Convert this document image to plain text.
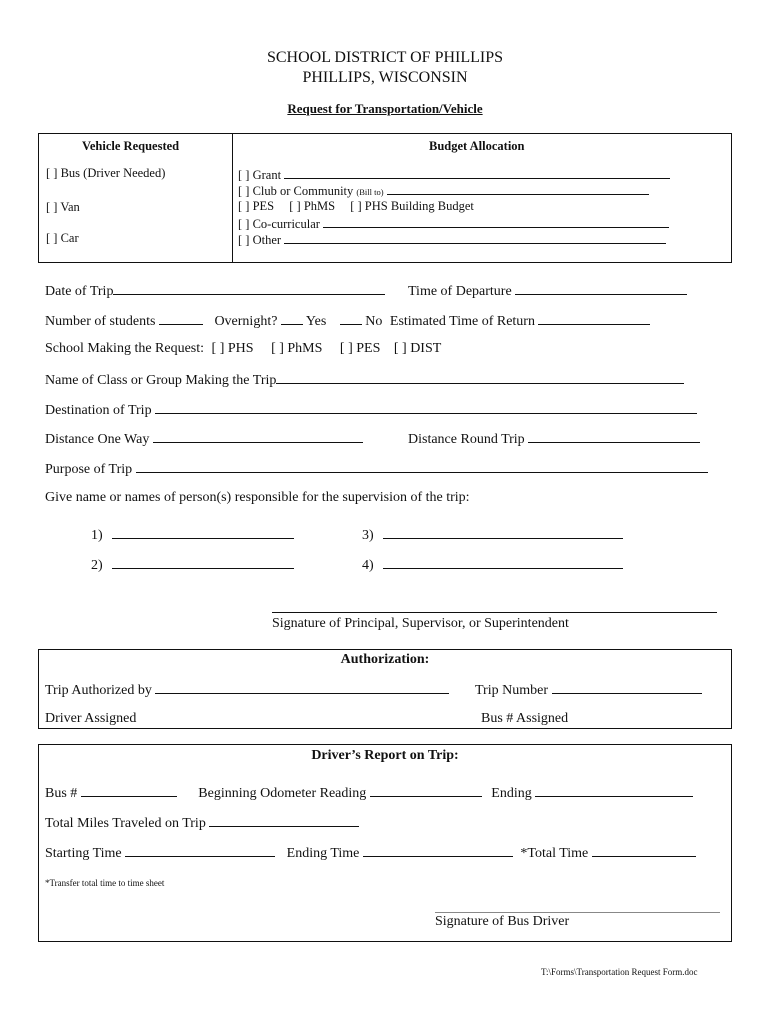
SCHOOL DISTRICT OF PHILLIPS
PHILLIPS, WISCONSIN
Request for Transportation/Vehicle
Vehicle Requested
[ ] Bus (Driver Needed)
[ ] Van
[ ] Car
Budget Allocation
[ ] Grant
[ ] Club or Community (Bill to)
[ ] PES [ ] PhMS [ ] PHS Building Budget
[ ] Co-curricular
[ ] Other
Date of Trip	Time of Departure
Number of students	Overnight? Yes	No Estimated Time of Return
School Making the Request: [ ] PHS [ ] PhMS [ ] PES [ ] DIST
Name of Class or Group Making the Trip
Destination of Trip
Distance One Way	Distance Round Trip
Purpose of Trip
Give name or names of person(s) responsible for the supervision of the trip:
1)
2)
3)
4)
Signature of Principal, Supervisor, or Superintendent
Authorization:
Trip Authorized by	Trip Number
Driver Assigned	Bus # Assigned
Driver’s Report on Trip:
Bus #	Beginning Odometer Reading	Ending
Total Miles Traveled on Trip
Starting Time	Ending Time	*Total Time
*Transfer total time to time sheet
Signature of Bus Driver
T:\Forms\Transportation Request Form.doc
